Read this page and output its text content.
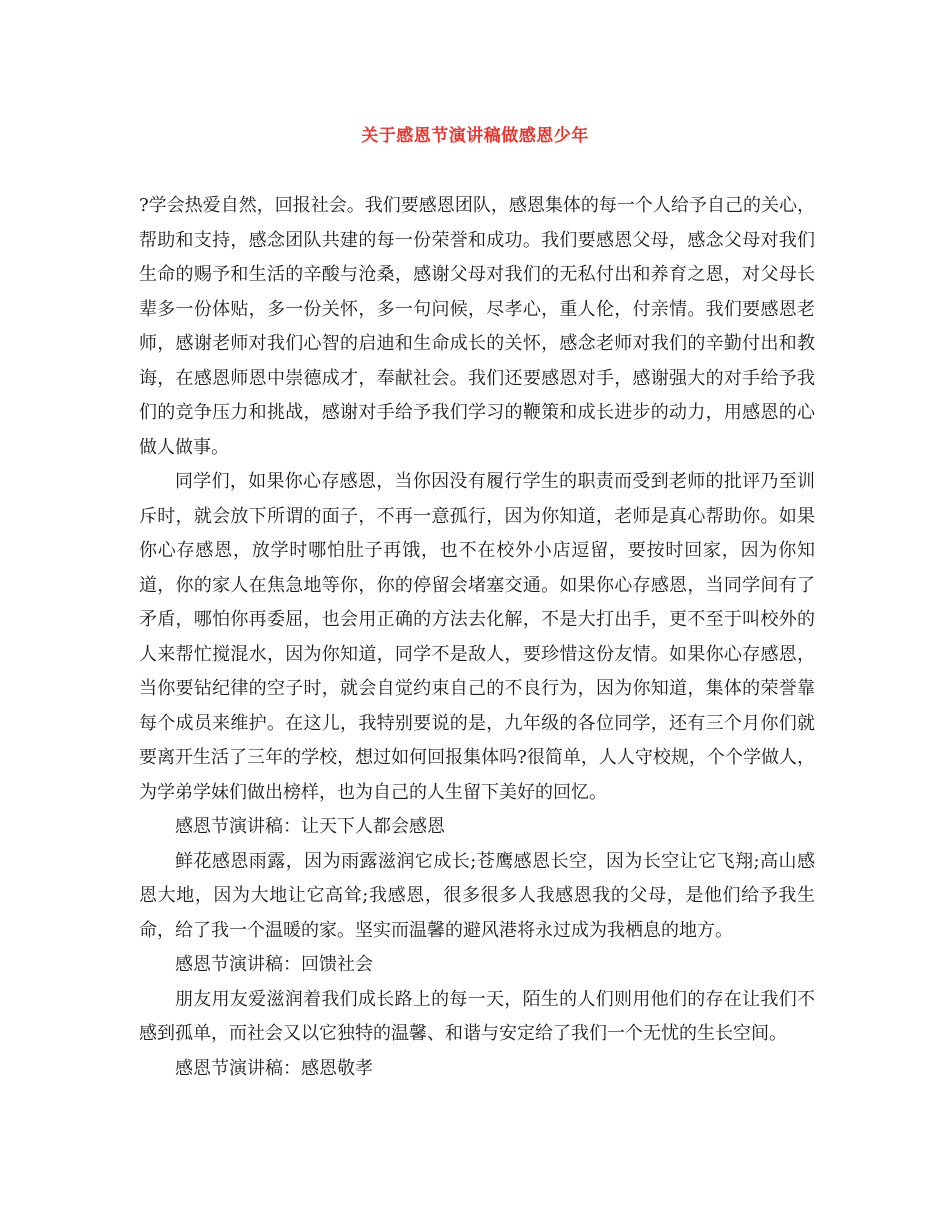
关于感恩节演讲稿做感恩少年

?学会热爱自然，回报社会。我们要感恩团队，感恩集体的每一个人给予自己的关心，帮助和支持，感念团队共建的每一份荣誉和成功。我们要感恩父母，感念父母对我们生命的赐予和生活的辛酸与沧桑，感谢父母对我们的无私付出和养育之恩，对父母长辈多一份体贴，多一份关怀，多一句问候，尽孝心，重人伦，付亲情。我们要感恩老师，感谢老师对我们心智的启迪和生命成长的关怀，感念老师对我们的辛勤付出和教诲，在感恩师恩中崇德成才，奉献社会。我们还要感恩对手，感谢强大的对手给予我们的竞争压力和挑战，感谢对手给予我们学习的鞭策和成长进步的动力，用感恩的心做人做事。

同学们，如果你心存感恩，当你因没有履行学生的职责而受到老师的批评乃至训斥时，就会放下所谓的面子，不再一意孤行，因为你知道，老师是真心帮助你。如果你心存感恩，放学时哪怕肚子再饿，也不在校外小店逗留，要按时回家，因为你知道，你的家人在焦急地等你，你的停留会堵塞交通。如果你心存感恩，当同学间有了矛盾，哪怕你再委屈，也会用正确的方法去化解，不是大打出手，更不至于叫校外的人来帮忙搅混水，因为你知道，同学不是敌人，要珍惜这份友情。如果你心存感恩，当你要钻纪律的空子时，就会自觉约束自己的不良行为，因为你知道，集体的荣誉靠每个成员来维护。在这儿，我特别要说的是，九年级的各位同学，还有三个月你们就要离开生活了三年的学校，想过如何回报集体吗?很简单，人人守校规，个个学做人，为学弟学妹们做出榜样，也为自己的人生留下美好的回忆。

感恩节演讲稿：让天下人都会感恩

鲜花感恩雨露，因为雨露滋润它成长;苍鹰感恩长空，因为长空让它飞翔;高山感恩大地，因为大地让它高耸;我感恩，很多很多人我感恩我的父母，是他们给予我生命，给了我一个温暖的家。坚实而温馨的避风港将永过成为我栖息的地方。

感恩节演讲稿：回馈社会

朋友用友爱滋润着我们成长路上的每一天，陌生的人们则用他们的存在让我们不感到孤单，而社会又以它独特的温馨、和谐与安定给了我们一个无忧的生长空间。

感恩节演讲稿：感恩敬孝
